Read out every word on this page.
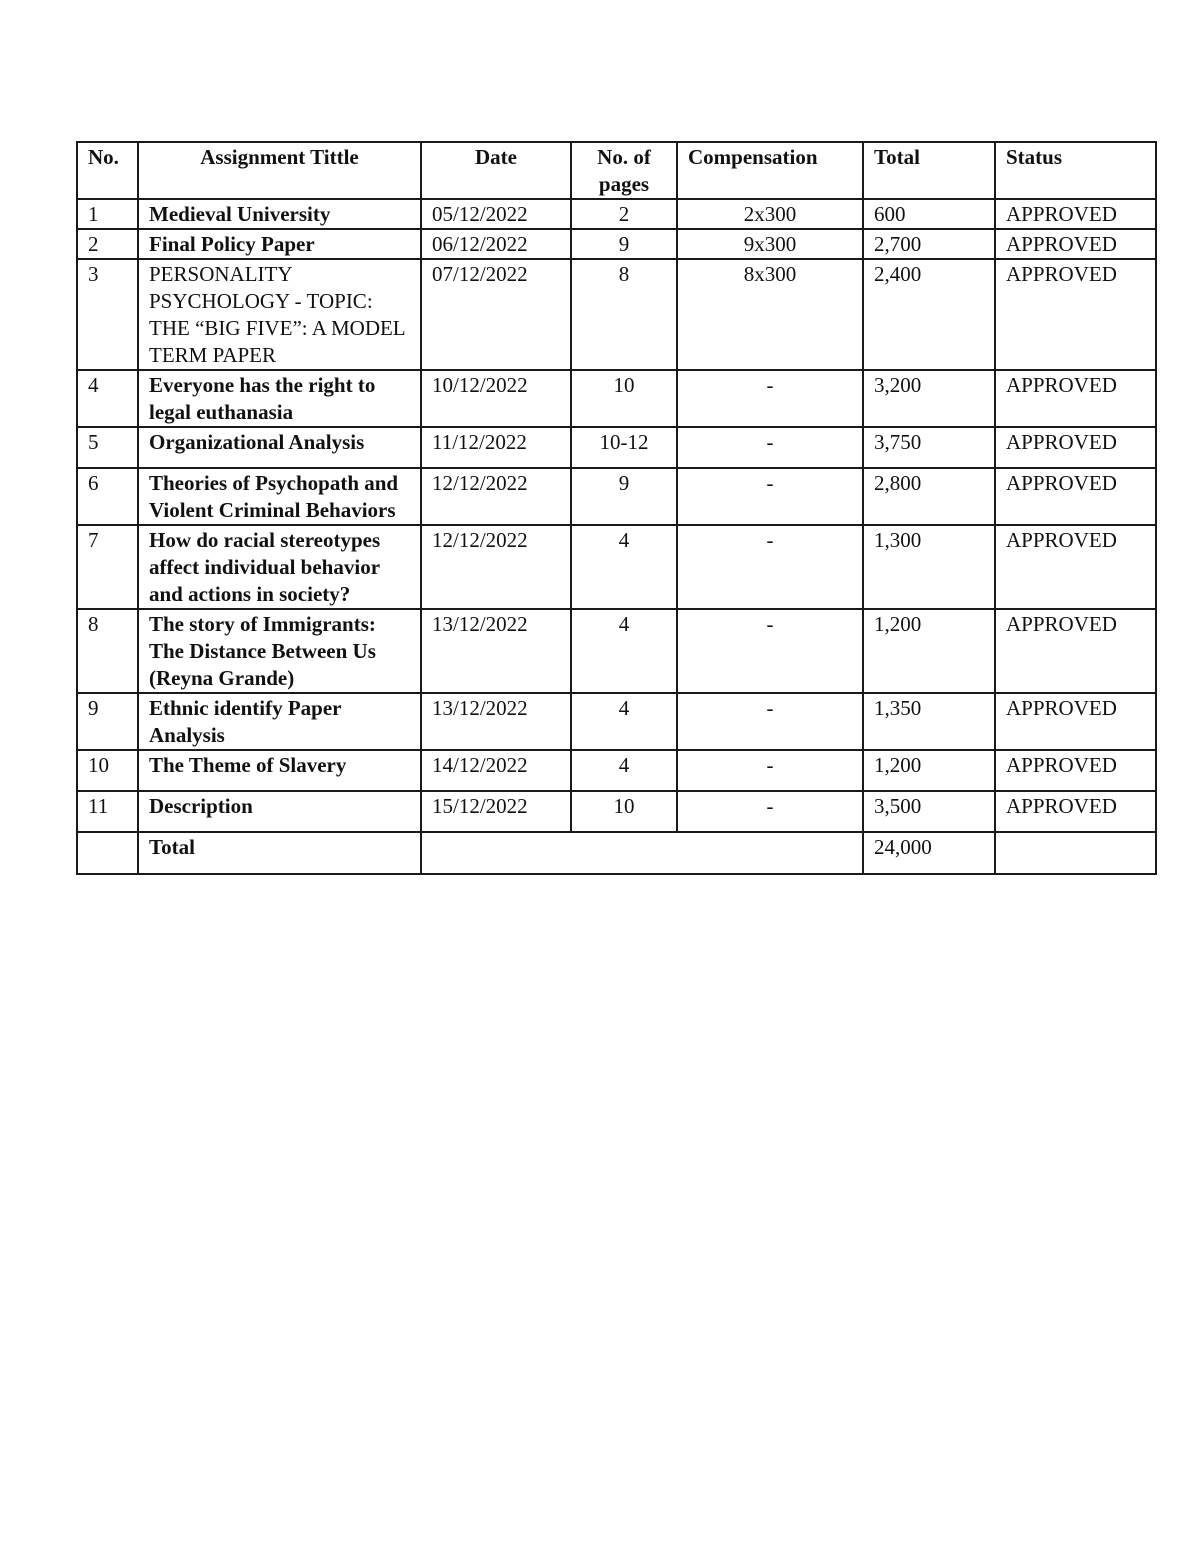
No.	Assignment Tittle	Date	No. of pages	Compensation	Total	Status
1	Medieval University	05/12/2022	2	2x300	600	APPROVED
2	Final Policy Paper	06/12/2022	9	9x300	2,700	APPROVED
3	PERSONALITY PSYCHOLOGY - TOPIC: THE “BIG FIVE”: A MODEL TERM PAPER	07/12/2022	8	8x300	2,400	APPROVED
4	Everyone has the right to legal euthanasia	10/12/2022	10	-	3,200	APPROVED
5	Organizational Analysis	11/12/2022	10-12	-	3,750	APPROVED
6	Theories of Psychopath and Violent Criminal Behaviors	12/12/2022	9	-	2,800	APPROVED
7	How do racial stereotypes affect individual behavior and actions in society?	12/12/2022	4	-	1,300	APPROVED
8	The story of Immigrants: The Distance Between Us (Reyna Grande)	13/12/2022	4	-	1,200	APPROVED
9	Ethnic identify Paper Analysis	13/12/2022	4	-	1,350	APPROVED
10	The Theme of Slavery	14/12/2022	4	-	1,200	APPROVED
11	Description	15/12/2022	10	-	3,500	APPROVED
	Total				24,000	
